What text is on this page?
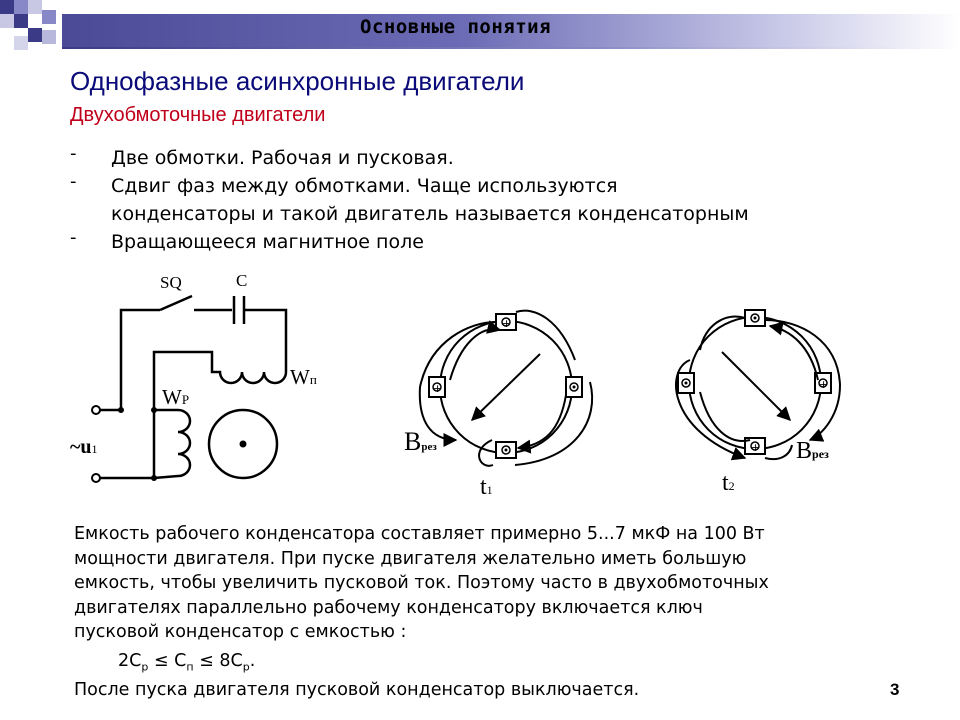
Основные понятия
Однофазные асинхронные двигатели
Двухобмоточные двигатели
- Две обмотки. Рабочая и пусковая.
- Сдвиг фаз между обмотками. Чаще используются
конденсаторы и такой двигатель называется конденсаторным
- Вращающееся магнитное поле
SQ	C
Wп
WР
~u1
+
+
Bрез
t1
+
+
Bрез
t2
Емкость рабочего конденсатора составляет примерно 5...7 мкФ на 100 Вт
мощности двигателя. При пуске двигателя желательно иметь большую
емкость, чтобы увеличить пусковой ток. Поэтому часто в двухобмоточных
двигателях параллельно рабочему конденсатору включается ключ
пусковой конденсатор с емкостью :
$2C_p \le C_п \le 8C_p$.
После пуска двигателя пусковой конденсатор выключается.	3
